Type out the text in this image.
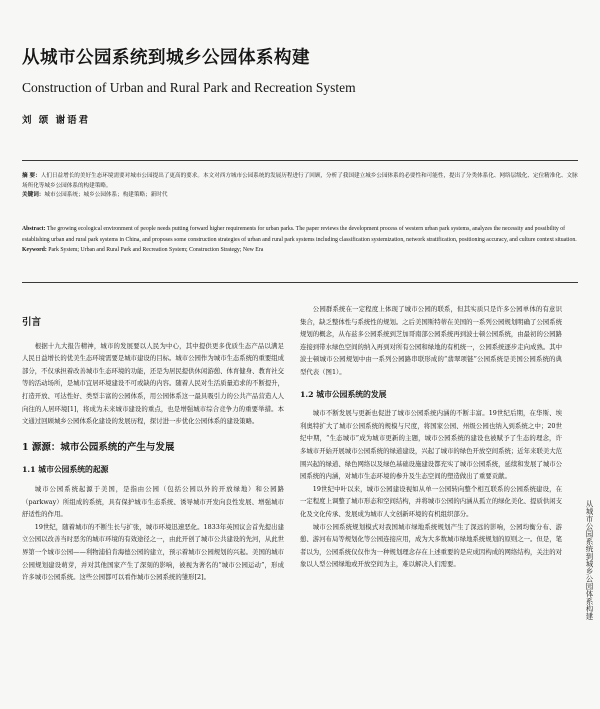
从城市公园系统到城乡公园体系构建
Construction of Urban and Rural Park and Recreation System
刘 颂 谢语君
摘 要：人们日益增长的美好生态环境需要对城市公园提出了更高的要求。本文对西方城市公园系统的发展历程进行了回顾，分析了我国建立城乡公园体系的必要性和可能性，提出了分类体系化、网络层级化、定位精准化、文脉场所化等城乡公园体系的构建策略。
关键词：城市公园系统；城乡公园体系；构建策略；新时代
Abstract: The growing ecological environment of people needs putting forward higher requirements for urban parks. The paper reviews the development process of western urban park systems, analyzes the necessity and possibility of establishing urban and rural park systems in China, and proposes some construction strategies of urban and rural park systems including classification systemization, network stratification, positioning accuracy, and culture context situation.
Keyword: Park System; Urban and Rural Park and Recreation System; Construction Strategy; New Era
引言

根据十九大报告精神，城市的发展要以人民为中心，其中提供更多优质生态产品以满足人民日益增长的优美生态环境需要是城市建设的目标。城市公园作为城市生态系统的重要组成部分，不仅承担着改善城市生态环境的功能，还是为居民提供休闲游憩、体育健身、教育社交等的活动场所，是城市宜居环境建设不可或缺的内容。随着人民对生活质量追求的不断提升，打造开放、可达性好、类型丰富的公园体系，用公园体系这一最具吸引力的公共产品营造人人向往的人居环境[1]，将成为未来城市建设的重点，也是增强城市综合竞争力的重要举措。本文通过回顾城乡公园体系化建设的发展历程，探讨进一步优化公园体系的建设策略。

1 源源：城市公园系统的产生与发展
1.1 城市公园系统的起源

城市公园系统起源于美国，是指由公园（包括公园以外的开放绿地）和公园路（parkway）所组成的系统，具有保护城市生态系统、诱导城市开发向良性发展、增强城市舒适性的作用。

19世纪，随着城市的不断生长与扩张，城市环境迅速恶化。1833年英国议会首先提出建立公园以改善当时恶劣的城市环境的有效途径之一，由此开创了城市公共建设的先河，从此世界第一个城市公园——利物浦伯肯海德公园的建立，预示着城市公园规划的兴起。美国的城市公园规划建设萌芽，并对其他国家产生了深刻的影响，被视为著名的“城市公园运动”，形成许多城市公园系统。这些公园都可以看作城市公园系统的雏形[2]。

公园群系统在一定程度上体现了城市公园的联系，但其实质只是许多公园单体的有意识集合，缺乏整体性与系统性的规划。之后美国斯特蒂在美国的一系列公园规划明确了公园系统规划的概念，从布兹多公园系统到芝加哥南部公园系统再到波士顿公园系统，由最初的公园路连接到带水绿色空间的纳入再到对所有公园和绿地的有机统一，公园系统逐步走向成熟。其中波士顿城市公园规划中由一系列公园路串联形成的“翡翠项链”公园系统是美国公园系统的典型代表（图1）。

1.2 城市公园系统的发展

城市不断发展与更新也促进了城市公园系统内涵的不断丰富。19世纪后期，在华斯、埃利奥特扩大了城市公园系统的规模与尺度，将国家公园、州级公园也纳入到系统之中；20世纪中期，“生态城市”成为城市更新的主题，城市公园系统的建设也被赋予了生态的理念，许多城市开始开展城市公园系统的绿道建设，兴起了城市的绿色开放空间系统；近年来联美大范围兴起的绿道、绿色网络以及绿色基础设施建设都充实了城市公园系统，延续和发展了城市公园系统的内涵，对城市生态环境的参升及生态空间的塑造做出了重要贡献。

19世纪中叶以来，城市公园建设视如从单一公园转向整个相互联系的公园系统建设，在一定程度上调整了城市形态和空间结构，并将城市公园的内涵从孤立的绿化美化、提质供闲支化及文化传承、发展成为城市人文创新环境的有机组织部分。

城市公园系统规划模式对我国城市绿地系统规划产生了深远的影响，公园均衡分布、游憩、游河布局等规划化等公园连接应用，成为大多数城市绿地系统规划的原则之一。但是，笔者以为，公园系统仅仅作为一种规划理念存在上述重要的是应成因构成的网络结构，关注的对象以人型公园绿地或开放空间为主，难以解决人们需要。	从城市公园系统到城乡公园体系构建
